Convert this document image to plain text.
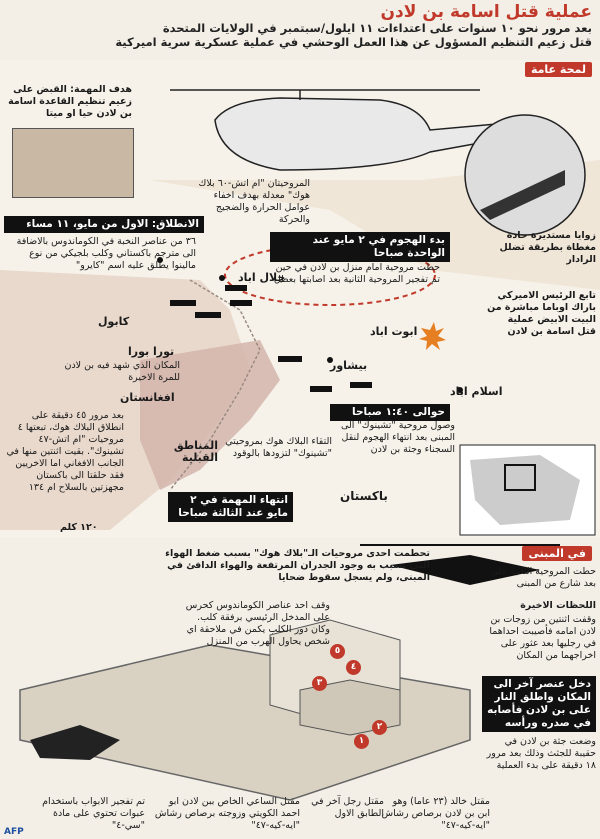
عملية قتل اسامة بن لادن
بعد مرور نحو ١٠ سنوات على اعتداءات ١١ ايلول/سبتمبر في الولايات المتحدة
قتل زعيم التنظيم المسؤول عن هذا العمل الوحشي في عملية عسكرية سرية اميركية
لمحة عامة
هدف المهمة: القبض على زعيم تنظيم القاعدة اسامة بن لادن حيا او ميتا
المروحيتان "ام اتش-٦٠ بلاك هوك" معدلة بهدف اخفاء عوامل الحرارة والضجيج والحركة
زوايا مستديرة حادة مغطاة بطريقة تضلل الرادار
الانطلاق: الاول من مايو، ١١ مساء
٣٦ من عناصر النخبة في الكوماندوس بالاضافة الى مترجم باكستاني وكلب بلجيكي من نوع مالينوا يطلق عليه اسم "كايرو"
بدء الهجوم في ٢ مايو عند الواحدة صباحا
حطت مروحية امام منزل بن لادن في حين تم تفجير المروحية الثانية بعد اصابتها بعطل
تابع الرئيس الاميركي باراك اوباما مباشرة من البيت الابيض عملية قتل اسامة بن لادن
كابول
جلال اباد
تورا بورا
المكان الذي شهد فيه بن لادن للمرة الاخيرة
افغانستان
بعد مرور ٤٥ دقيقة على انطلاق البلاك هوك، تبعتها ٤ مروحيات "ام اتش-٤٧ تشينوك". بقيت اثنتين منها في الجانب الافغاني اما الاخريين فقد حلقتا الى باكستان مجهزتين بالسلاح ام ١٣٤
١٢٠ كلم
المناطق القبلية
التقاء البلاك هوك بمروحيتي "تشينوك" لتزودها بالوقود
بيشاور
ابوت اباد
اسلام اباد
حوالى ١:٤٠ صباحا
وصول مروحية "تشينوك" الى المبنى بعد انتهاء الهجوم لنقل السجناء وجثة بن لادن
باكستان
انتهاء المهمة في ٢ مايو عند الثالثة صباحا
في المبنى
٥
٤
٣
٢
١
تحطمت احدى مروحيات الـ"بلاك هوك" بسبب ضغط الهواء التي تسبب به وجود الجدران المرتفعة والهواء الدافئ في المبنى، ولم يسجل سقوط ضحايا
حطت المروحية الثانية على بعد شارع من المبنى
وقف احد عناصر الكوماندوس كحرس على المدخل الرئيسي برفقة كلب. وكان دور الكلب يكمن في ملاحقة اي شخص يحاول الهرب من المنزل
اللحظات الاخيرة
وقفت اثنتين من زوجات بن لادن امامه فأصيبت احداهما في رجليها بعد عثور على اخراجهما من المكان
دخل عنصر آخر الى المكان واطلق النار على بن لادن فأصابه في صدره ورأسه
وضعت جثة بن لادن في حقيبة للجثث وذلك بعد مرور ١٨ دقيقة على بدء العملية
مقتل خالد (٢٣ عاما) وهو ابن بن لادن برصاص رشاش "ايه-كيه-٤٧"
مقتل رجل آخر في الطابق الاول
مقتل الساعي الخاص ببن لادن ابو احمد الكويتي وزوجته برصاص رشاش "ايه-كيه-٤٧"
تم تفجير الابواب باستخدام عبوات تحتوي على مادة "سي-٤"
AFP
